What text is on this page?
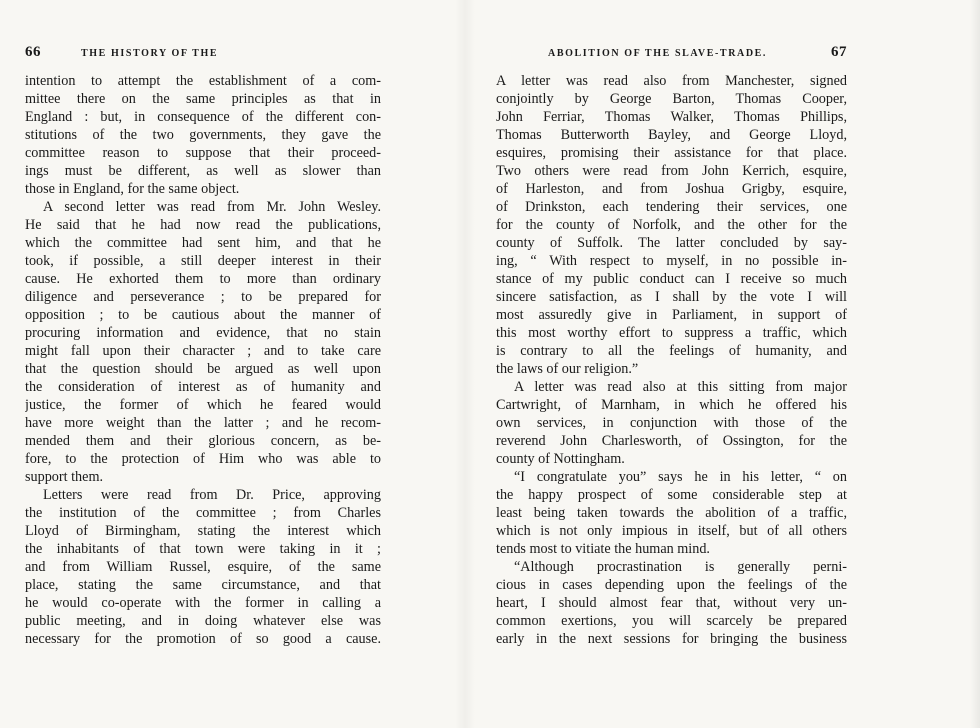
66	THE HISTORY OF THE
intention to attempt the establishment of a com-
mittee there on the same principles as that in
England : but, in consequence of the different con-
stitutions of the two governments, they gave the
committee reason to suppose that their proceed-
ings must be different, as well as slower than
those in England, for the same object.
A second letter was read from Mr. John Wesley.
He said that he had now read the publications,
which the committee had sent him, and that he
took, if possible, a still deeper interest in their
cause. He exhorted them to more than ordinary
diligence and perseverance ; to be prepared for
opposition ; to be cautious about the manner of
procuring information and evidence, that no stain
might fall upon their character ; and to take care
that the question should be argued as well upon
the consideration of interest as of humanity and
justice, the former of which he feared would
have more weight than the latter ; and he recom-
mended them and their glorious concern, as be-
fore, to the protection of Him who was able to
support them.
Letters were read from Dr. Price, approving
the institution of the committee ; from Charles
Lloyd of Birmingham, stating the interest which
the inhabitants of that town were taking in it ;
and from William Russel, esquire, of the same
place, stating the same circumstance, and that
he would co-operate with the former in calling a
public meeting, and in doing whatever else was
necessary for the promotion of so good a cause.
ABOLITION OF THE SLAVE-TRADE.	67
A letter was read also from Manchester, signed
conjointly by George Barton, Thomas Cooper,
John Ferriar, Thomas Walker, Thomas Phillips,
Thomas Butterworth Bayley, and George Lloyd,
esquires, promising their assistance for that place.
Two others were read from John Kerrich, esquire,
of Harleston, and from Joshua Grigby, esquire,
of Drinkston, each tendering their services, one
for the county of Norfolk, and the other for the
county of Suffolk. The latter concluded by say-
ing, “ With respect to myself, in no possible in-
stance of my public conduct can I receive so much
sincere satisfaction, as I shall by the vote I will
most assuredly give in Parliament, in support of
this most worthy effort to suppress a traffic, which
is contrary to all the feelings of humanity, and
the laws of our religion.”
A letter was read also at this sitting from major
Cartwright, of Marnham, in which he offered his
own services, in conjunction with those of the
reverend John Charlesworth, of Ossington, for the
county of Nottingham.
“I congratulate you” says he in his letter, “ on
the happy prospect of some considerable step at
least being taken towards the abolition of a traffic,
which is not only impious in itself, but of all others
tends most to vitiate the human mind.
“Although procrastination is generally perni-
cious in cases depending upon the feelings of the
heart, I should almost fear that, without very un-
common exertions, you will scarcely be prepared
early in the next sessions for bringing the business
